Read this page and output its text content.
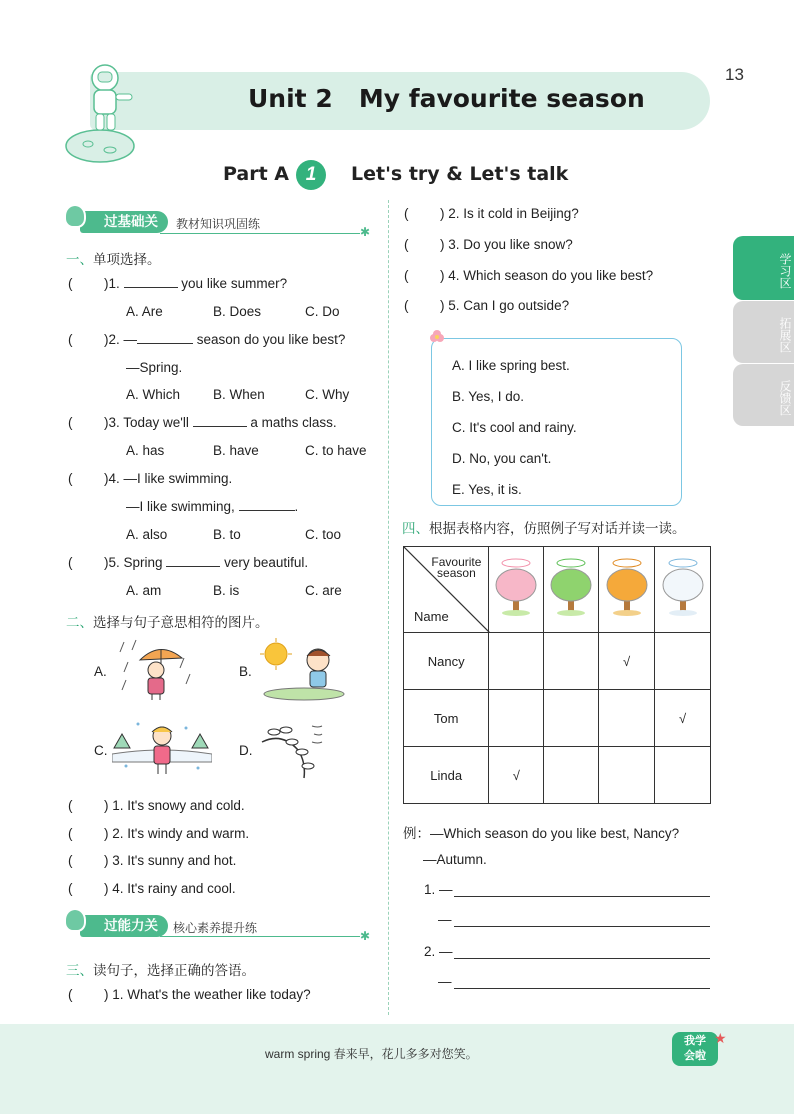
Unit 2   My favourite season
13
Part A 1	Let's try & Let's talk
过基础关	教材知识巩固练
✱
一、单项选择。
( )1.	you like summer?
A. Are	B. Does	C. Do
( )2. —	season do you like best?
—Spring.
A. Which B. When	C. Why
( )3. Today we'll	a maths class.
A. has	B. have	C. to have
( )4. —I like swimming.
—I like swimming,	.
A. also	B. to	C. too
( )5. Spring	very beautiful.
A. am	B. is	C. are
二、选择与句子意思相符的图片。
A.	B.
C.	D.
( ) 1. It's snowy and cold.
( ) 2. It's windy and warm.
( ) 3. It's sunny and hot.
( ) 4. It's rainy and cool.
过能力关	核心素养提升练
✱
三、读句子，选择正确的答语。
( ) 1. What's the weather like today?
( ) 2. Is it cold in Beijing?
( ) 3. Do you like snow?
( ) 4. Which season do you like best?
( ) 5. Can I go outside?
A. I like spring best.
B. Yes, I do.
C. It's cool and rainy.
D. No, you can't.
E. Yes, it is.
四、根据表格内容，仿照例子写对话并读一读。
Favourite season
Name

Nancy			√	
Tom				√
Linda	√			
例：—Which season do you like best, Nancy?
—Autumn.
1. —
—
2. —
—
学习区
拓展区
反馈区
warm spring 春来早，花儿多多对您笑。
我学会啦
★
